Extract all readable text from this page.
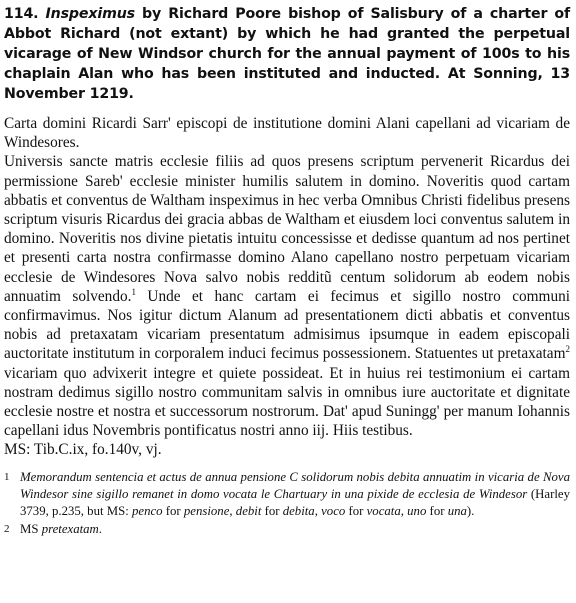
114. Inspeximus by Richard Poore bishop of Salisbury of a charter of Abbot Richard (not extant) by which he had granted the perpetual vicarage of New Windsor church for the annual payment of 100s to his chaplain Alan who has been instituted and inducted. At Sonning, 13 November 1219.

Carta domini Ricardi Sarr' episcopi de institutione domini Alani capellani ad vicariam de Windesores.

Universis sancte matris ecclesie filiis ad quos presens scriptum pervenerit Ricardus dei permissione Sareb' ecclesie minister humilis salutem in domino. Noveritis quod cartam abbatis et conventus de Waltham inspeximus in hec verba Omnibus Christi fidelibus presens scriptum visuris Ricardus dei gracia abbas de Waltham et eiusdem loci conventus salutem in domino. Noveritis nos divine pietatis intuitu concessisse et dedisse quantum ad nos pertinet et presenti carta nostra confirmasse domino Alano capellano nostro perpetuam vicariam ecclesie de Windesores Nova salvo nobis redditũ centum solidorum ab eodem nobis annuatim solvendo.$^1$ Unde et hanc cartam ei fecimus et sigillo nostro communi confirmavimus. Nos igitur dictum Alanum ad presentationem dicti abbatis et conventus nobis ad pretaxatam vicariam presentatum admisimus ipsumque in eadem episcopali auctoritate institutum in corporalem induci fecimus possessionem. Statuentes ut pretaxatam$^2$ vicariam quo advixerit integre et quiete possideat. Et in huius rei testimonium ei cartam nostram dedimus sigillo nostro communitam salvis in omnibus iure auctoritate et dignitate ecclesie nostre et nostra et successorum nostrorum. Dat' apud Suningg' per manum Iohannis capellani idus Novembris pontificatus nostri anno iij. Hiis testibus.

MS: Tib.C.ix, fo.140v, vj.

1 Memorandum sentencia et actus de annua pensione C solidorum nobis debita annuatim in vicaria de Nova Windesor sine sigillo remanet in domo vocata le Chartuary in una pixide de ecclesia de Windesor (Harley 3739, p.235, but MS: penco for pensione, debit for debita, voco for vocata, uno for una).

2 MS pretexatam.
